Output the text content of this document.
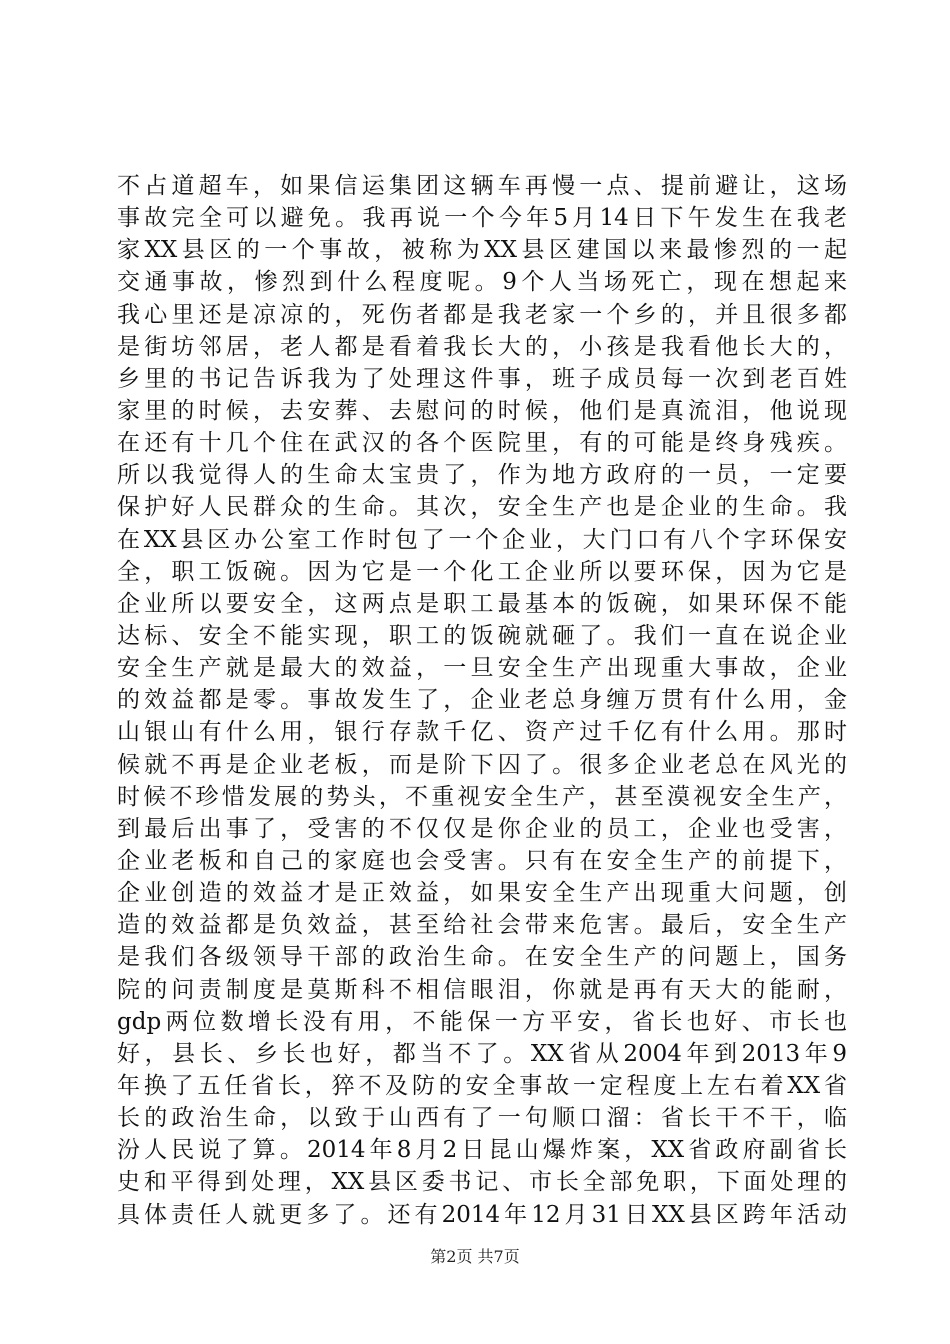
不占道超车，如果信运集团这辆车再慢一点、提前避让，这场
事故完全可以避免。我再说一个今年5月14日下午发生在我老
家XX县区的一个事故，被称为XX县区建国以来最惨烈的一起
交通事故，惨烈到什么程度呢。9个人当场死亡，现在想起来
我心里还是凉凉的，死伤者都是我老家一个乡的，并且很多都
是街坊邻居，老人都是看着我长大的，小孩是我看他长大的，
乡里的书记告诉我为了处理这件事，班子成员每一次到老百姓
家里的时候，去安葬、去慰问的时候，他们是真流泪，他说现
在还有十几个住在武汉的各个医院里，有的可能是终身残疾。
所以我觉得人的生命太宝贵了，作为地方政府的一员，一定要
保护好人民群众的生命。其次，安全生产也是企业的生命。我
在XX县区办公室工作时包了一个企业，大门口有八个字环保安
全，职工饭碗。因为它是一个化工企业所以要环保，因为它是
企业所以要安全，这两点是职工最基本的饭碗，如果环保不能
达标、安全不能实现，职工的饭碗就砸了。我们一直在说企业
安全生产就是最大的效益，一旦安全生产出现重大事故，企业
的效益都是零。事故发生了，企业老总身缠万贯有什么用，金
山银山有什么用，银行存款千亿、资产过千亿有什么用。那时
候就不再是企业老板，而是阶下囚了。很多企业老总在风光的
时候不珍惜发展的势头，不重视安全生产，甚至漠视安全生产，
到最后出事了，受害的不仅仅是你企业的员工，企业也受害，
企业老板和自己的家庭也会受害。只有在安全生产的前提下，
企业创造的效益才是正效益，如果安全生产出现重大问题，创
造的效益都是负效益，甚至给社会带来危害。最后，安全生产
是我们各级领导干部的政治生命。在安全生产的问题上，国务
院的问责制度是莫斯科不相信眼泪，你就是再有天大的能耐，
gdp两位数增长没有用，不能保一方平安，省长也好、市长也
好，县长、乡长也好，都当不了。XX省从2004年到2013年9
年换了五任省长，猝不及防的安全事故一定程度上左右着XX省
长的政治生命，以致于山西有了一句顺口溜：省长干不干，临
汾人民说了算。2014年8月2日昆山爆炸案，XX省政府副省长
史和平得到处理，XX县区委书记、市长全部免职，下面处理的
具体责任人就更多了。还有2014年12月31日XX县区跨年活动
第2页 共7页
